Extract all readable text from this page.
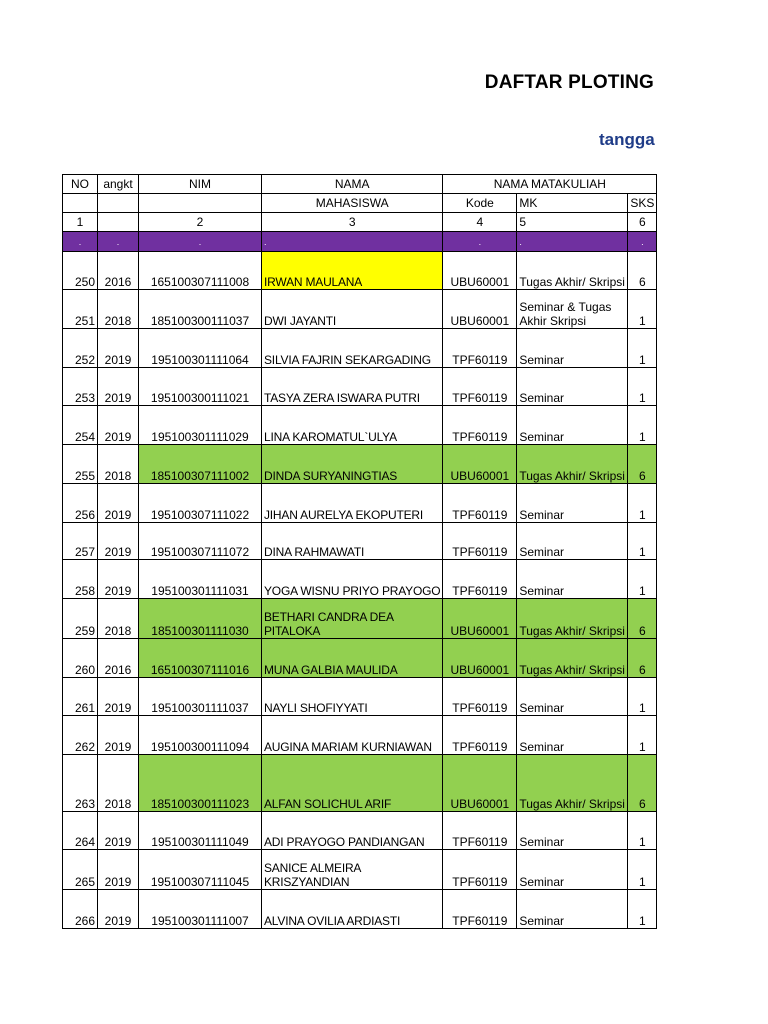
DAFTAR PLOTING
tangga
NO	angkt	NIM	NAMA	NAMA MATAKULIAH		
			MAHASISWA	Kode	MK	SKS
1		2	3	4	5	6
.	.	.	.	.	.	.
250	2016	165100307111008	IRWAN MAULANA	UBU60001	Tugas Akhir/ Skripsi	6
251	2018	185100300111037	DWI JAYANTI	UBU60001	Seminar & Tugas Akhir Skripsi	1
252	2019	195100301111064	SILVIA FAJRIN SEKARGADING	TPF60119	Seminar	1
253	2019	195100300111021	TASYA ZERA ISWARA PUTRI	TPF60119	Seminar	1
254	2019	195100301111029	LINA KAROMATUL`ULYA	TPF60119	Seminar	1
255	2018	185100307111002	DINDA SURYANINGTIAS	UBU60001	Tugas Akhir/ Skripsi	6
256	2019	195100307111022	JIHAN AURELYA EKOPUTERI	TPF60119	Seminar	1
257	2019	195100307111072	DINA RAHMAWATI	TPF60119	Seminar	1
258	2019	195100301111031	YOGA WISNU PRIYO PRAYOGO	TPF60119	Seminar	1
259	2018	185100301111030	BETHARI CANDRA DEA PITALOKA	UBU60001	Tugas Akhir/ Skripsi	6
260	2016	165100307111016	MUNA GALBIA MAULIDA	UBU60001	Tugas Akhir/ Skripsi	6
261	2019	195100301111037	NAYLI SHOFIYYATI	TPF60119	Seminar	1
262	2019	195100300111094	AUGINA MARIAM KURNIAWAN	TPF60119	Seminar	1
263	2018	185100300111023	ALFAN SOLICHUL ARIF	UBU60001	Tugas Akhir/ Skripsi	6
264	2019	195100301111049	ADI PRAYOGO PANDIANGAN	TPF60119	Seminar	1
265	2019	195100307111045	SANICE ALMEIRA KRISZYANDIAN	TPF60119	Seminar	1
266	2019	195100301111007	ALVINA OVILIA ARDIASTI	TPF60119	Seminar	1
